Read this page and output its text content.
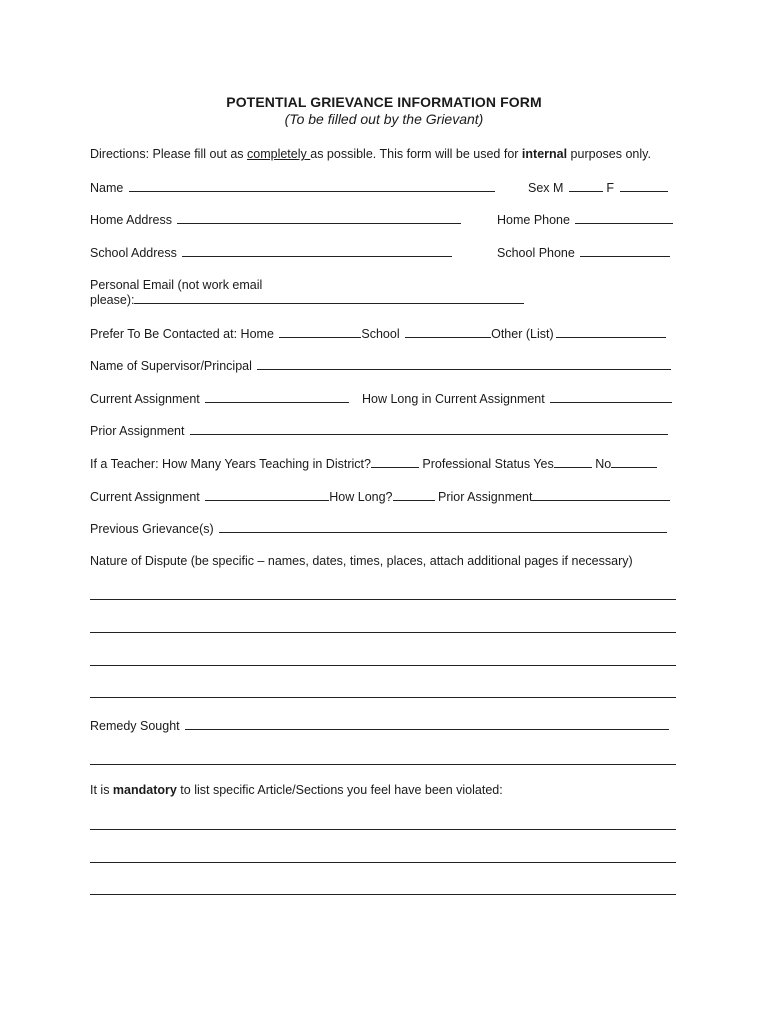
POTENTIAL GRIEVANCE INFORMATION FORM
(To be filled out by the Grievant)
Directions: Please fill out as completely as possible. This form will be used for internal purposes only.
Name	Sex M	F
Home Address	Home Phone
School Address	School Phone
Personal Email (not work email
please):
Prefer To Be Contacted at: Home	School	Other (List)
Name of Supervisor/Principal
Current Assignment	How Long in Current Assignment
Prior Assignment
If a Teacher: How Many Years Teaching in District?	Professional Status Yes	No
Current Assignment	How Long?	Prior Assignment
Previous Grievance(s)
Nature of Dispute (be specific – names, dates, times, places, attach additional pages if necessary)
Remedy Sought
It is mandatory to list specific Article/Sections you feel have been violated:
